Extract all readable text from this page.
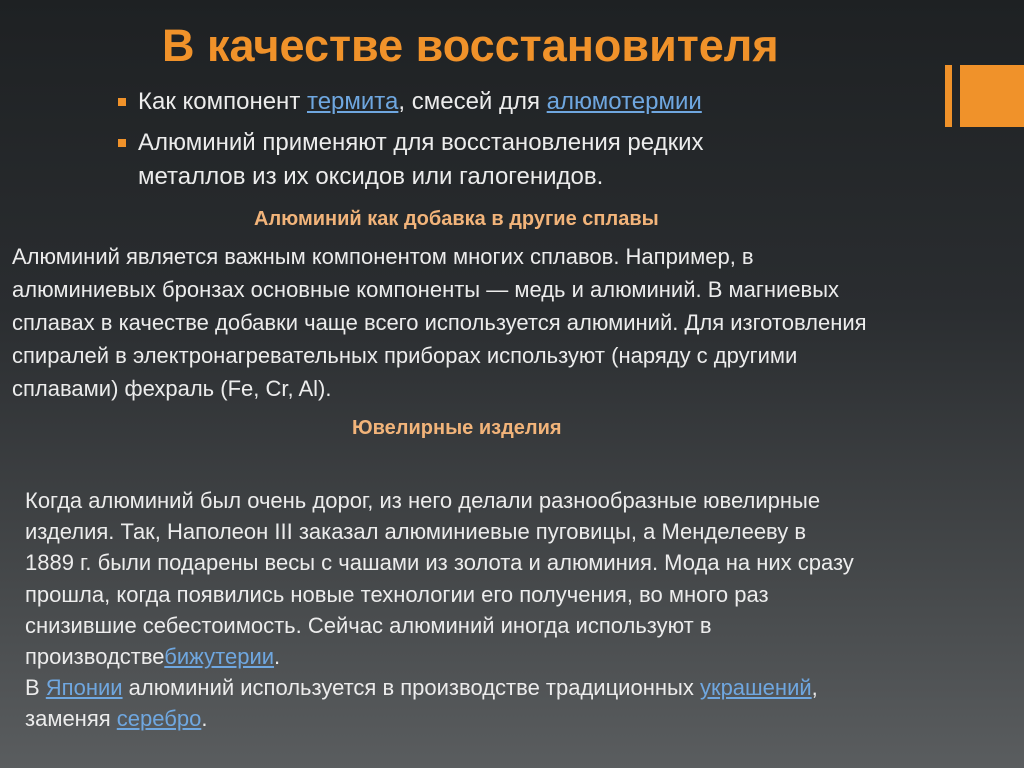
В качестве восстановителя
Как компонент термита, смесей для алюмотермии
Алюминий применяют для восстановления редких
металлов из их оксидов или галогенидов.
Алюминий как добавка в другие сплавы
Алюминий является важным компонентом многих сплавов. Например, в
алюминиевых бронзах основные компоненты — медь и алюминий. В магниевых
сплавах в качестве добавки чаще всего используется алюминий. Для изготовления
спиралей в электронагревательных приборах используют (наряду с другими
сплавами) фехраль (Fe, Cr, Al).
Ювелирные изделия
Когда алюминий был очень дорог, из него делали разнообразные ювелирные
изделия. Так, Наполеон III заказал алюминиевые пуговицы, а Менделееву в
1889 г. были подарены весы с чашами из золота и алюминия. Мода на них сразу
прошла, когда появились новые технологии его получения, во много раз
снизившие себестоимость. Сейчас алюминий иногда используют в
производствебижутерии.
В Японии алюминий используется в производстве традиционных украшений,
заменяя серебро.
